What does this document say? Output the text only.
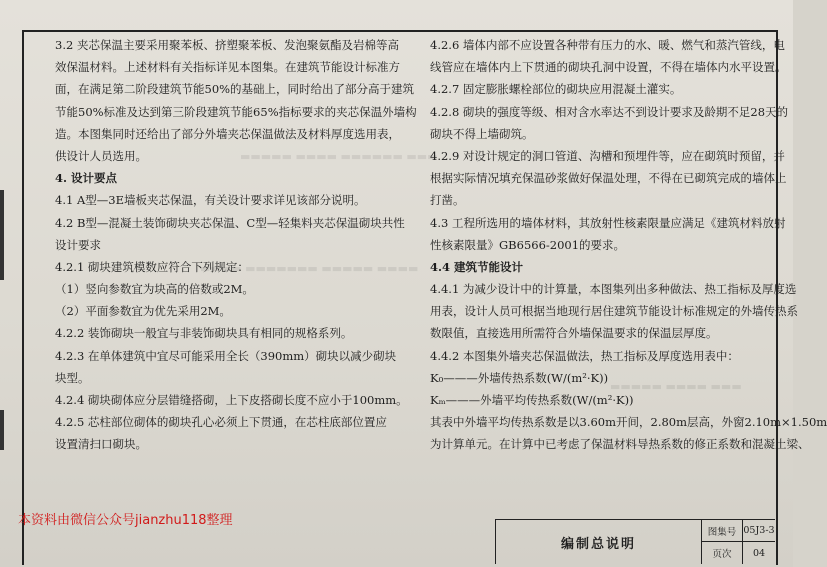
▬▬▬▬▬ ▬▬▬▬ ▬▬▬▬▬▬ ▬▬▬
▬▬▬▬ ▬▬▬▬▬▬▬ ▬▬▬▬▬ ▬▬▬▬
▬▬▬▬▬ ▬▬▬▬ ▬▬▬
3.2 夹芯保温主要采用聚苯板、挤塑聚苯板、发泡聚氨酯及岩棉等高
效保温材料。上述材料有关指标详见本图集。在建筑节能设计标准方
面，在满足第二阶段建筑节能50%的基础上，同时给出了部分高于建筑
节能50%标准及达到第三阶段建筑节能65%指标要求的夹芯保温外墙构
造。本图集同时还给出了部分外墙夹芯保温做法及材料厚度选用表，
供设计人员选用。
4. 设计要点
4.1 A型—3E墙板夹芯保温，有关设计要求详见该部分说明。
4.2 B型—混凝土装饰砌块夹芯保温、C型—轻集料夹芯保温砌块共性
设计要求
4.2.1 砌块建筑模数应符合下列规定：
（1）竖向参数宜为块高的倍数或2M。
（2）平面参数宜为优先采用2M。
4.2.2 装饰砌块一般宜与非装饰砌块具有相同的规格系列。
4.2.3 在单体建筑中宜尽可能采用全长（390mm）砌块以减少砌块
块型。
4.2.4 砌块砌体应分层错缝搭砌，上下皮搭砌长度不应小于100mm。
4.2.5 芯柱部位砌体的砌块孔心必须上下贯通，在芯柱底部位置应
设置清扫口砌块。
4.2.6 墙体内部不应设置各种带有压力的水、暖、燃气和蒸汽管线，电
线管应在墙体内上下贯通的砌块孔洞中设置，不得在墙体内水平设置。
4.2.7 固定膨胀螺栓部位的砌块应用混凝土灌实。
4.2.8 砌块的强度等级、相对含水率达不到设计要求及龄期不足28天的
砌块不得上墙砌筑。
4.2.9 对设计规定的洞口管道、沟槽和预埋件等，应在砌筑时预留，并
根据实际情况填充保温砂浆做好保温处理，不得在已砌筑完成的墙体上
打凿。
4.3 工程所选用的墙体材料，其放射性核素限量应满足《建筑材料放射
性核素限量》GB6566-2001的要求。
4.4 建筑节能设计
4.4.1 为减少设计中的计算量，本图集列出多种做法、热工指标及厚度选
用表，设计人员可根据当地现行居住建筑节能设计标准规定的外墙传热系
数限值，直接选用所需符合外墙保温要求的保温层厚度。
4.4.2 本图集外墙夹芯保温做法，热工指标及厚度选用表中：
K₀———外墙传热系数(W/(m²·K))
Kₘ———外墙平均传热系数(W/(m²·K))
其表中外墙平均传热系数是以3.60m开间，2.80m层高，外窗2.10m×1.50m
为计算单元。在计算中已考虑了保温材料导热系数的修正系数和混凝土梁、
本资料由微信公众号jianzhu118整理
编制总说明
图集号 05J3-3
页次	04
